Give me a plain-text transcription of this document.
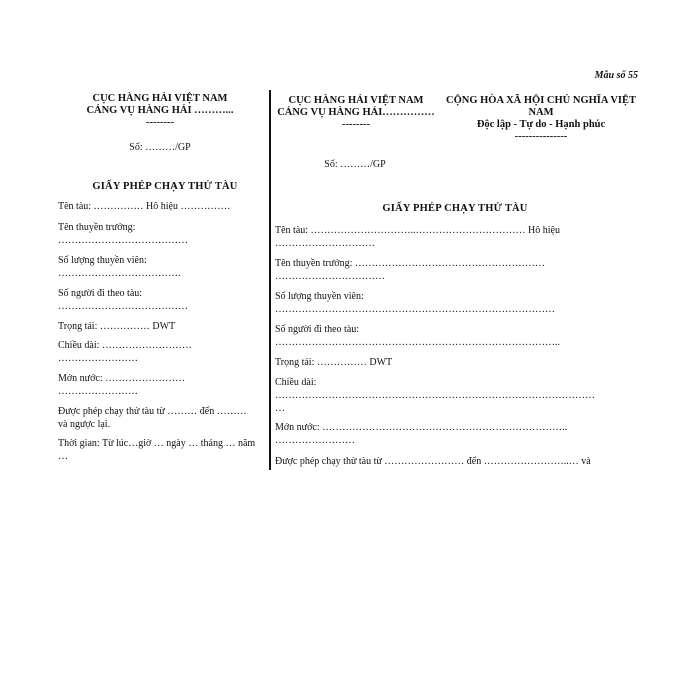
Mẫu số 55
CỤC HÀNG HẢI VIỆT NAM
CẢNG VỤ HÀNG HẢI ………...
--------
Số: ………/GP
GIẤY PHÉP CHẠY THỬ TÀU
Tên tàu: …………… Hô hiệu ……………
Tên thuyền trưởng:
…………………………………
Số lượng thuyền viên:
……………………………….
Số người đi theo tàu:
…………………………………
Trọng tải: …………… DWT
Chiều dài: ………………………
……………………
Mớn nước: ……………………
……………………
Được phép chạy thử tàu từ ……… đến ………
và ngược lại.
Thời gian: Từ lúc…giờ … ngày … tháng … năm
…
CỤC HÀNG HẢI VIỆT NAM
CẢNG VỤ HÀNG HẢI……………
--------
CỘNG HÒA XÃ HỘI CHỦ NGHĨA VIỆT
NAM
Độc lập - Tự do - Hạnh phúc
---------------
Số: ………/GP
GIẤY PHÉP CHẠY THỬ TÀU
Tên tàu: …………………………..…………………………… Hô hiệu
…………………………
Tên thuyền trưởng: …………………………………………………
……………………………
Số lượng thuyền viên:
…………………………………………………………………………
Số người đi theo tàu:
…………………………………………………………………………..
Trọng tải: …………… DWT
Chiều dài:
……………………………………………………………………………………
…
Mớn nước: ………………………………………………………………..
……………………
Được phép chạy thử tàu từ …………………… đến ……………………..… và
